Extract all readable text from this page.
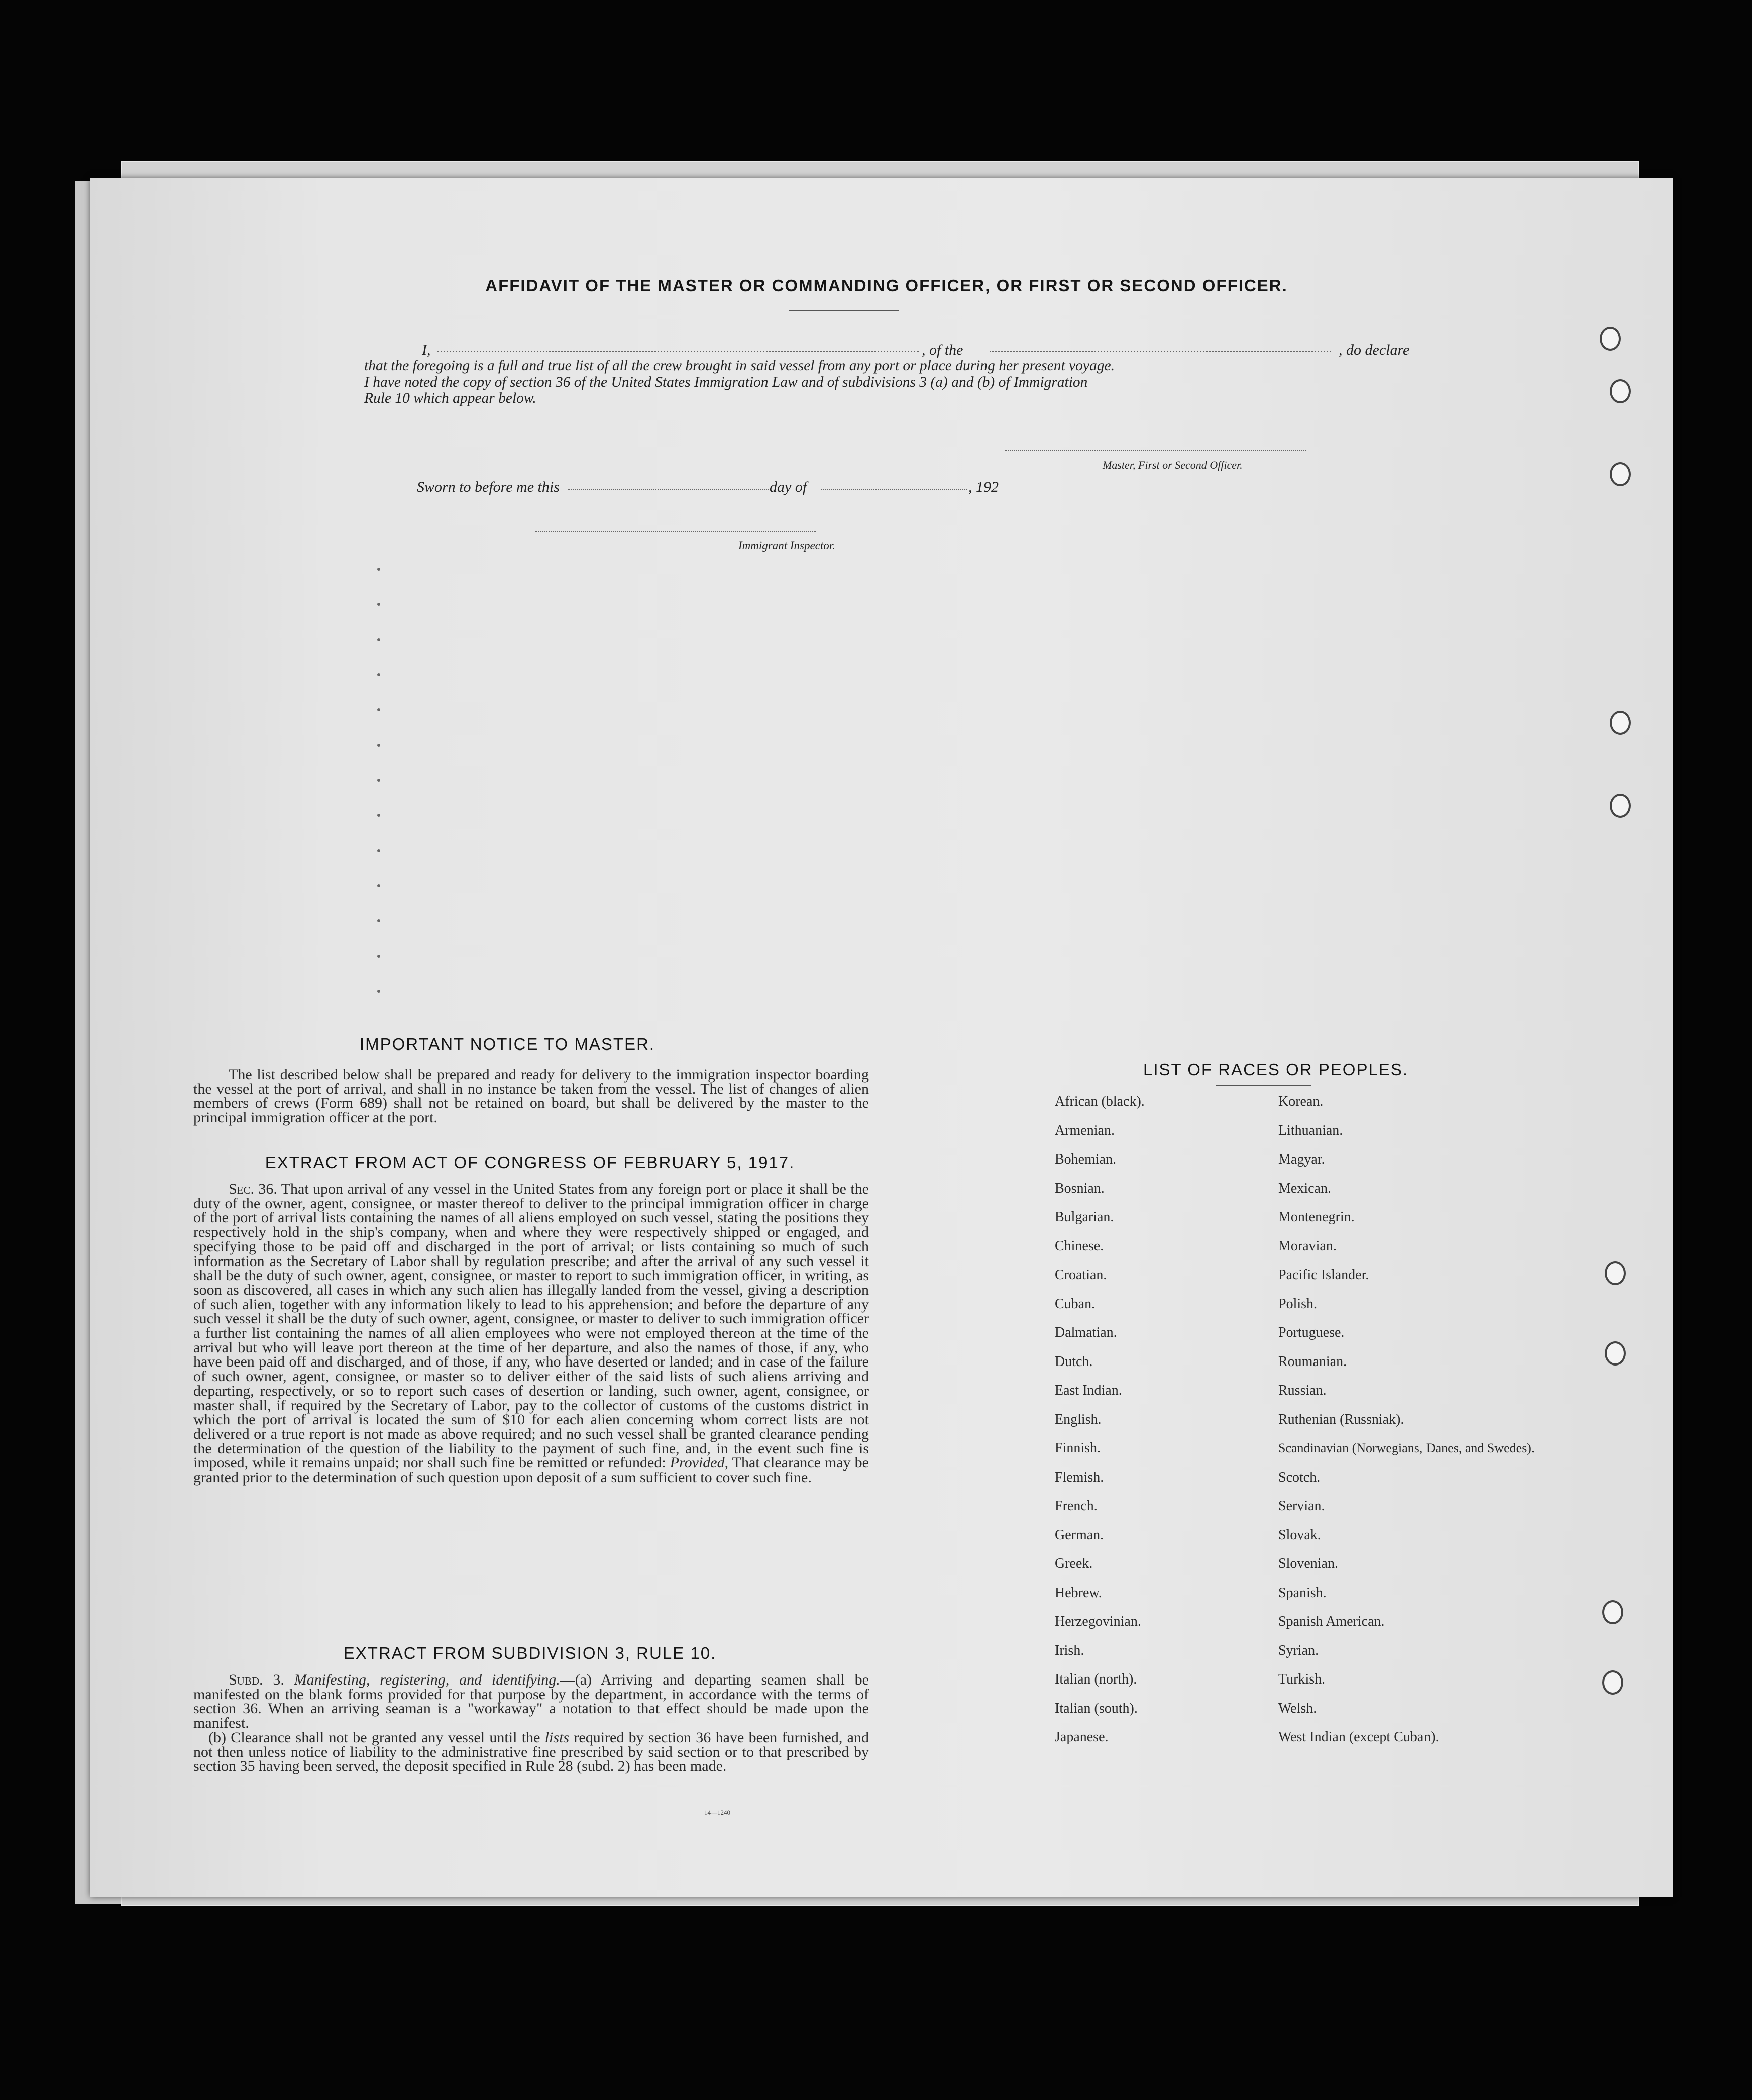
AFFIDAVIT OF THE MASTER OR COMMANDING OFFICER, OR FIRST OR SECOND OFFICER.
I,	, of the	, do declare
that the foregoing is a full and true list of all the crew brought in said vessel from any port or place during her present voyage.
I have noted the copy of section 36 of the United States Immigration Law and of subdivisions 3 (a) and (b) of Immigration
Rule 10 which appear below.
Master, First or Second Officer.
Sworn to before me this	day of	, 192
Immigrant Inspector.
IMPORTANT NOTICE TO MASTER.
The list described below shall be prepared and ready for delivery to the immigration inspector boarding the vessel at the port of arrival, and shall in no instance be taken from the vessel. The list of changes of alien members of crews (Form 689) shall not be retained on board, but shall be delivered by the master to the principal immigration officer at the port.
EXTRACT FROM ACT OF CONGRESS OF FEBRUARY 5, 1917.
Sec. 36. That upon arrival of any vessel in the United States from any foreign port or place it shall be the duty of the owner, agent, consignee, or master thereof to deliver to the principal immigration officer in charge of the port of arrival lists containing the names of all aliens employed on such vessel, stating the positions they respectively hold in the ship's company, when and where they were respectively shipped or engaged, and specifying those to be paid off and discharged in the port of arrival; or lists containing so much of such information as the Secretary of Labor shall by regulation prescribe; and after the arrival of any such vessel it shall be the duty of such owner, agent, consignee, or master to report to such immigration officer, in writing, as soon as discovered, all cases in which any such alien has illegally landed from the vessel, giving a description of such alien, together with any information likely to lead to his apprehension; and before the departure of any such vessel it shall be the duty of such owner, agent, consignee, or master to deliver to such immigration officer a further list containing the names of all alien employees who were not employed thereon at the time of the arrival but who will leave port thereon at the time of her departure, and also the names of those, if any, who have been paid off and discharged, and of those, if any, who have deserted or landed; and in case of the failure of such owner, agent, consignee, or master so to deliver either of the said lists of such aliens arriving and departing, respectively, or so to report such cases of desertion or landing, such owner, agent, consignee, or master shall, if required by the Secretary of Labor, pay to the collector of customs of the customs district in which the port of arrival is located the sum of $10 for each alien concerning whom correct lists are not delivered or a true report is not made as above required; and no such vessel shall be granted clearance pending the determination of the question of the liability to the payment of such fine, and, in the event such fine is imposed, while it remains unpaid; nor shall such fine be remitted or refunded: Provided, That clearance may be granted prior to the determination of such question upon deposit of a sum sufficient to cover such fine.
EXTRACT FROM SUBDIVISION 3, RULE 10.
Subd. 3. Manifesting, registering, and identifying.—(a) Arriving and departing seamen shall be manifested on the blank forms provided for that purpose by the department, in accordance with the terms of section 36. When an arriving seaman is a "workaway" a notation to that effect should be made upon the manifest.
(b) Clearance shall not be granted any vessel until the lists required by section 36 have been furnished, and not then unless notice of liability to the administrative fine prescribed by said section or to that prescribed by section 35 having been served, the deposit specified in Rule 28 (subd. 2) has been made.
14—1240
LIST OF RACES OR PEOPLES.
African (black).
Armenian.
Bohemian.
Bosnian.
Bulgarian.
Chinese.
Croatian.
Cuban.
Dalmatian.
Dutch.
East Indian.
English.
Finnish.
Flemish.
French.
German.
Greek.
Hebrew.
Herzegovinian.
Irish.
Italian (north).
Italian (south).
Japanese.
Korean.
Lithuanian.
Magyar.
Mexican.
Montenegrin.
Moravian.
Pacific Islander.
Polish.
Portuguese.
Roumanian.
Russian.
Ruthenian (Russniak).
Scandinavian (Norwegians, Danes, and Swedes).
Scotch.
Servian.
Slovak.
Slovenian.
Spanish.
Spanish American.
Syrian.
Turkish.
Welsh.
West Indian (except Cuban).
